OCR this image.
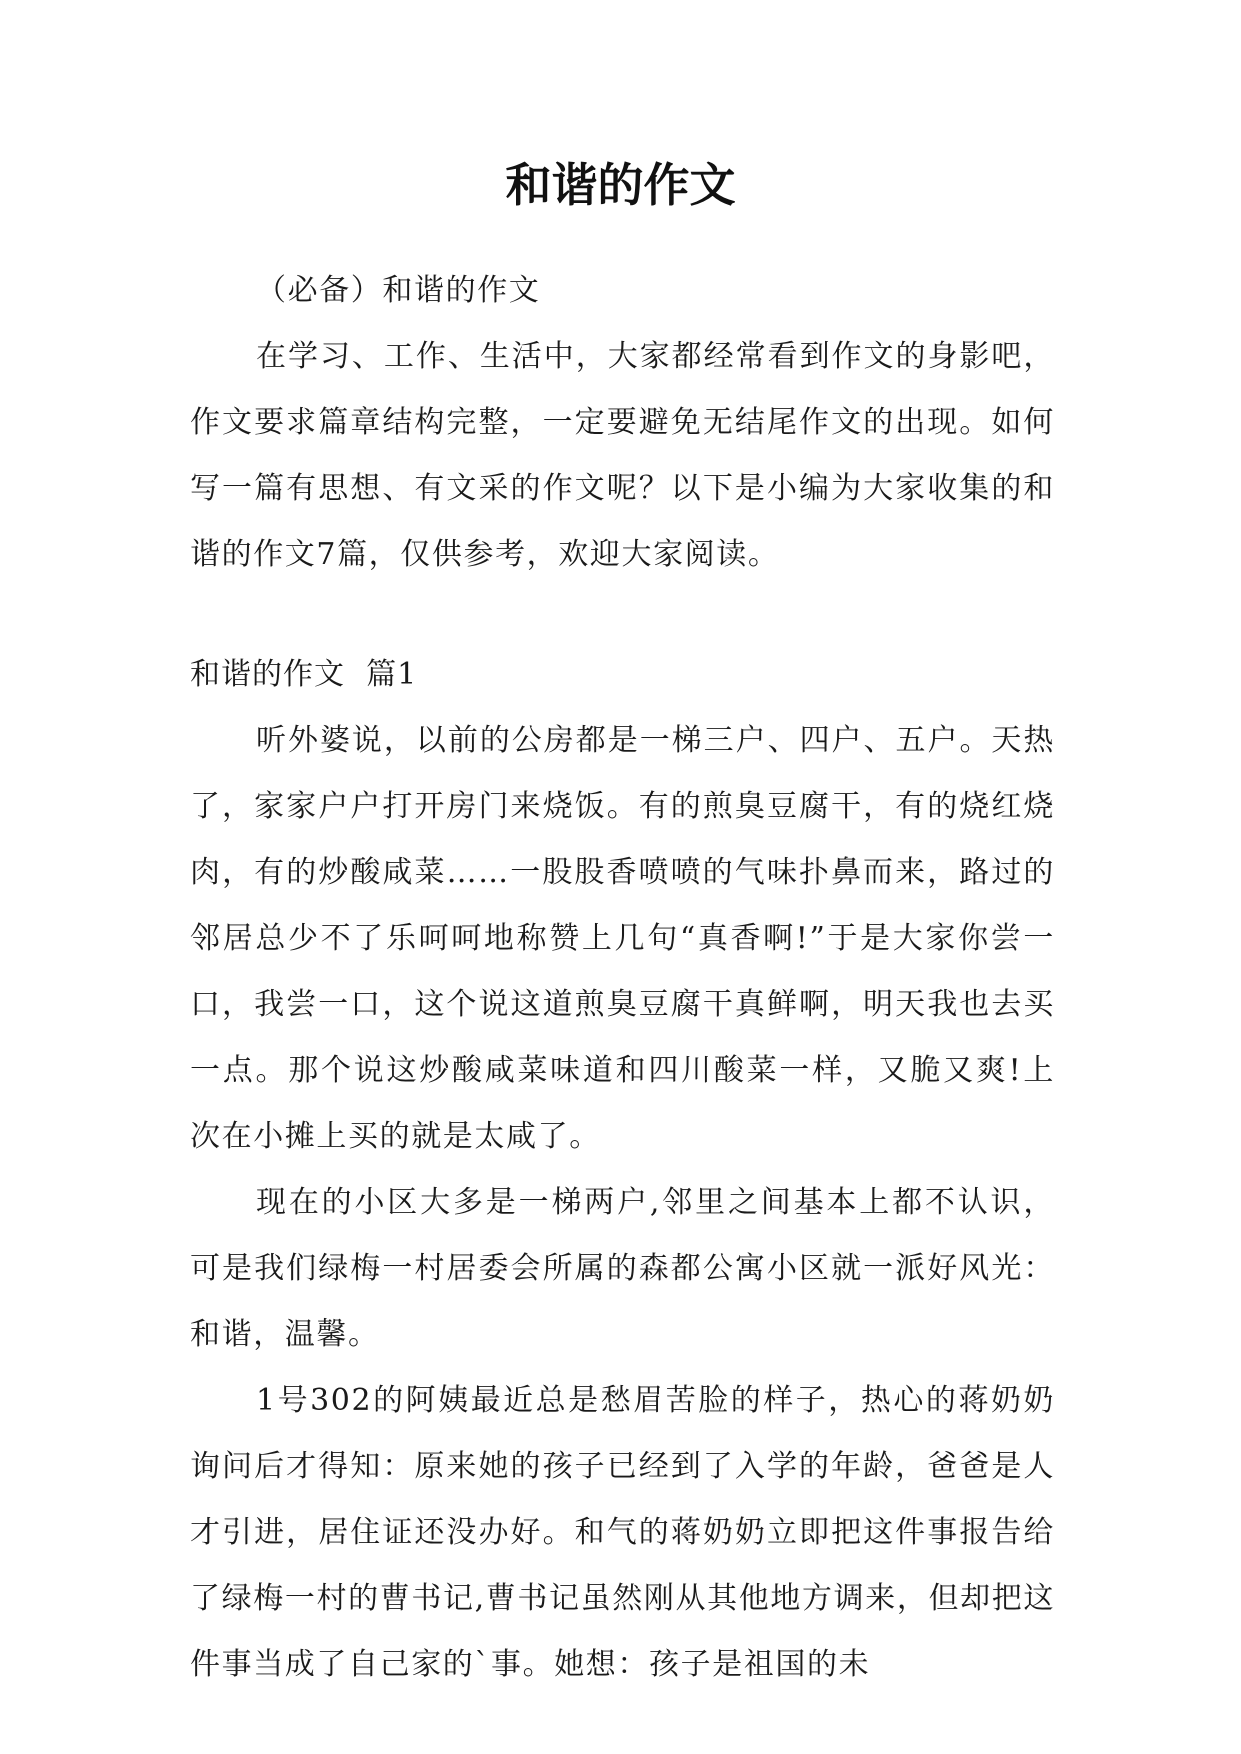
和谐的作文

（必备）和谐的作文

在学习、工作、生活中，大家都经常看到作文的身影吧，作文要求篇章结构完整，一定要避免无结尾作文的出现。如何写一篇有思想、有文采的作文呢？以下是小编为大家收集的和谐的作文7篇，仅供参考，欢迎大家阅读。

和谐的作文  篇1

听外婆说，以前的公房都是一梯三户、四户、五户。天热了，家家户户打开房门来烧饭。有的煎臭豆腐干，有的烧红烧肉，有的炒酸咸菜……一股股香喷喷的气味扑鼻而来，路过的邻居总少不了乐呵呵地称赞上几句“真香啊!”于是大家你尝一口，我尝一口，这个说这道煎臭豆腐干真鲜啊，明天我也去买一点。那个说这炒酸咸菜味道和四川酸菜一样，又脆又爽!上次在小摊上买的就是太咸了。

现在的小区大多是一梯两户,邻里之间基本上都不认识，可是我们绿梅一村居委会所属的森都公寓小区就一派好风光：和谐，温馨。

1号302的阿姨最近总是愁眉苦脸的样子，热心的蒋奶奶询问后才得知：原来她的孩子已经到了入学的年龄，爸爸是人才引进，居住证还没办好。和气的蒋奶奶立即把这件事报告给了绿梅一村的曹书记,曹书记虽然刚从其他地方调来，但却把这件事当成了自己家的`事。她想：孩子是祖国的未
